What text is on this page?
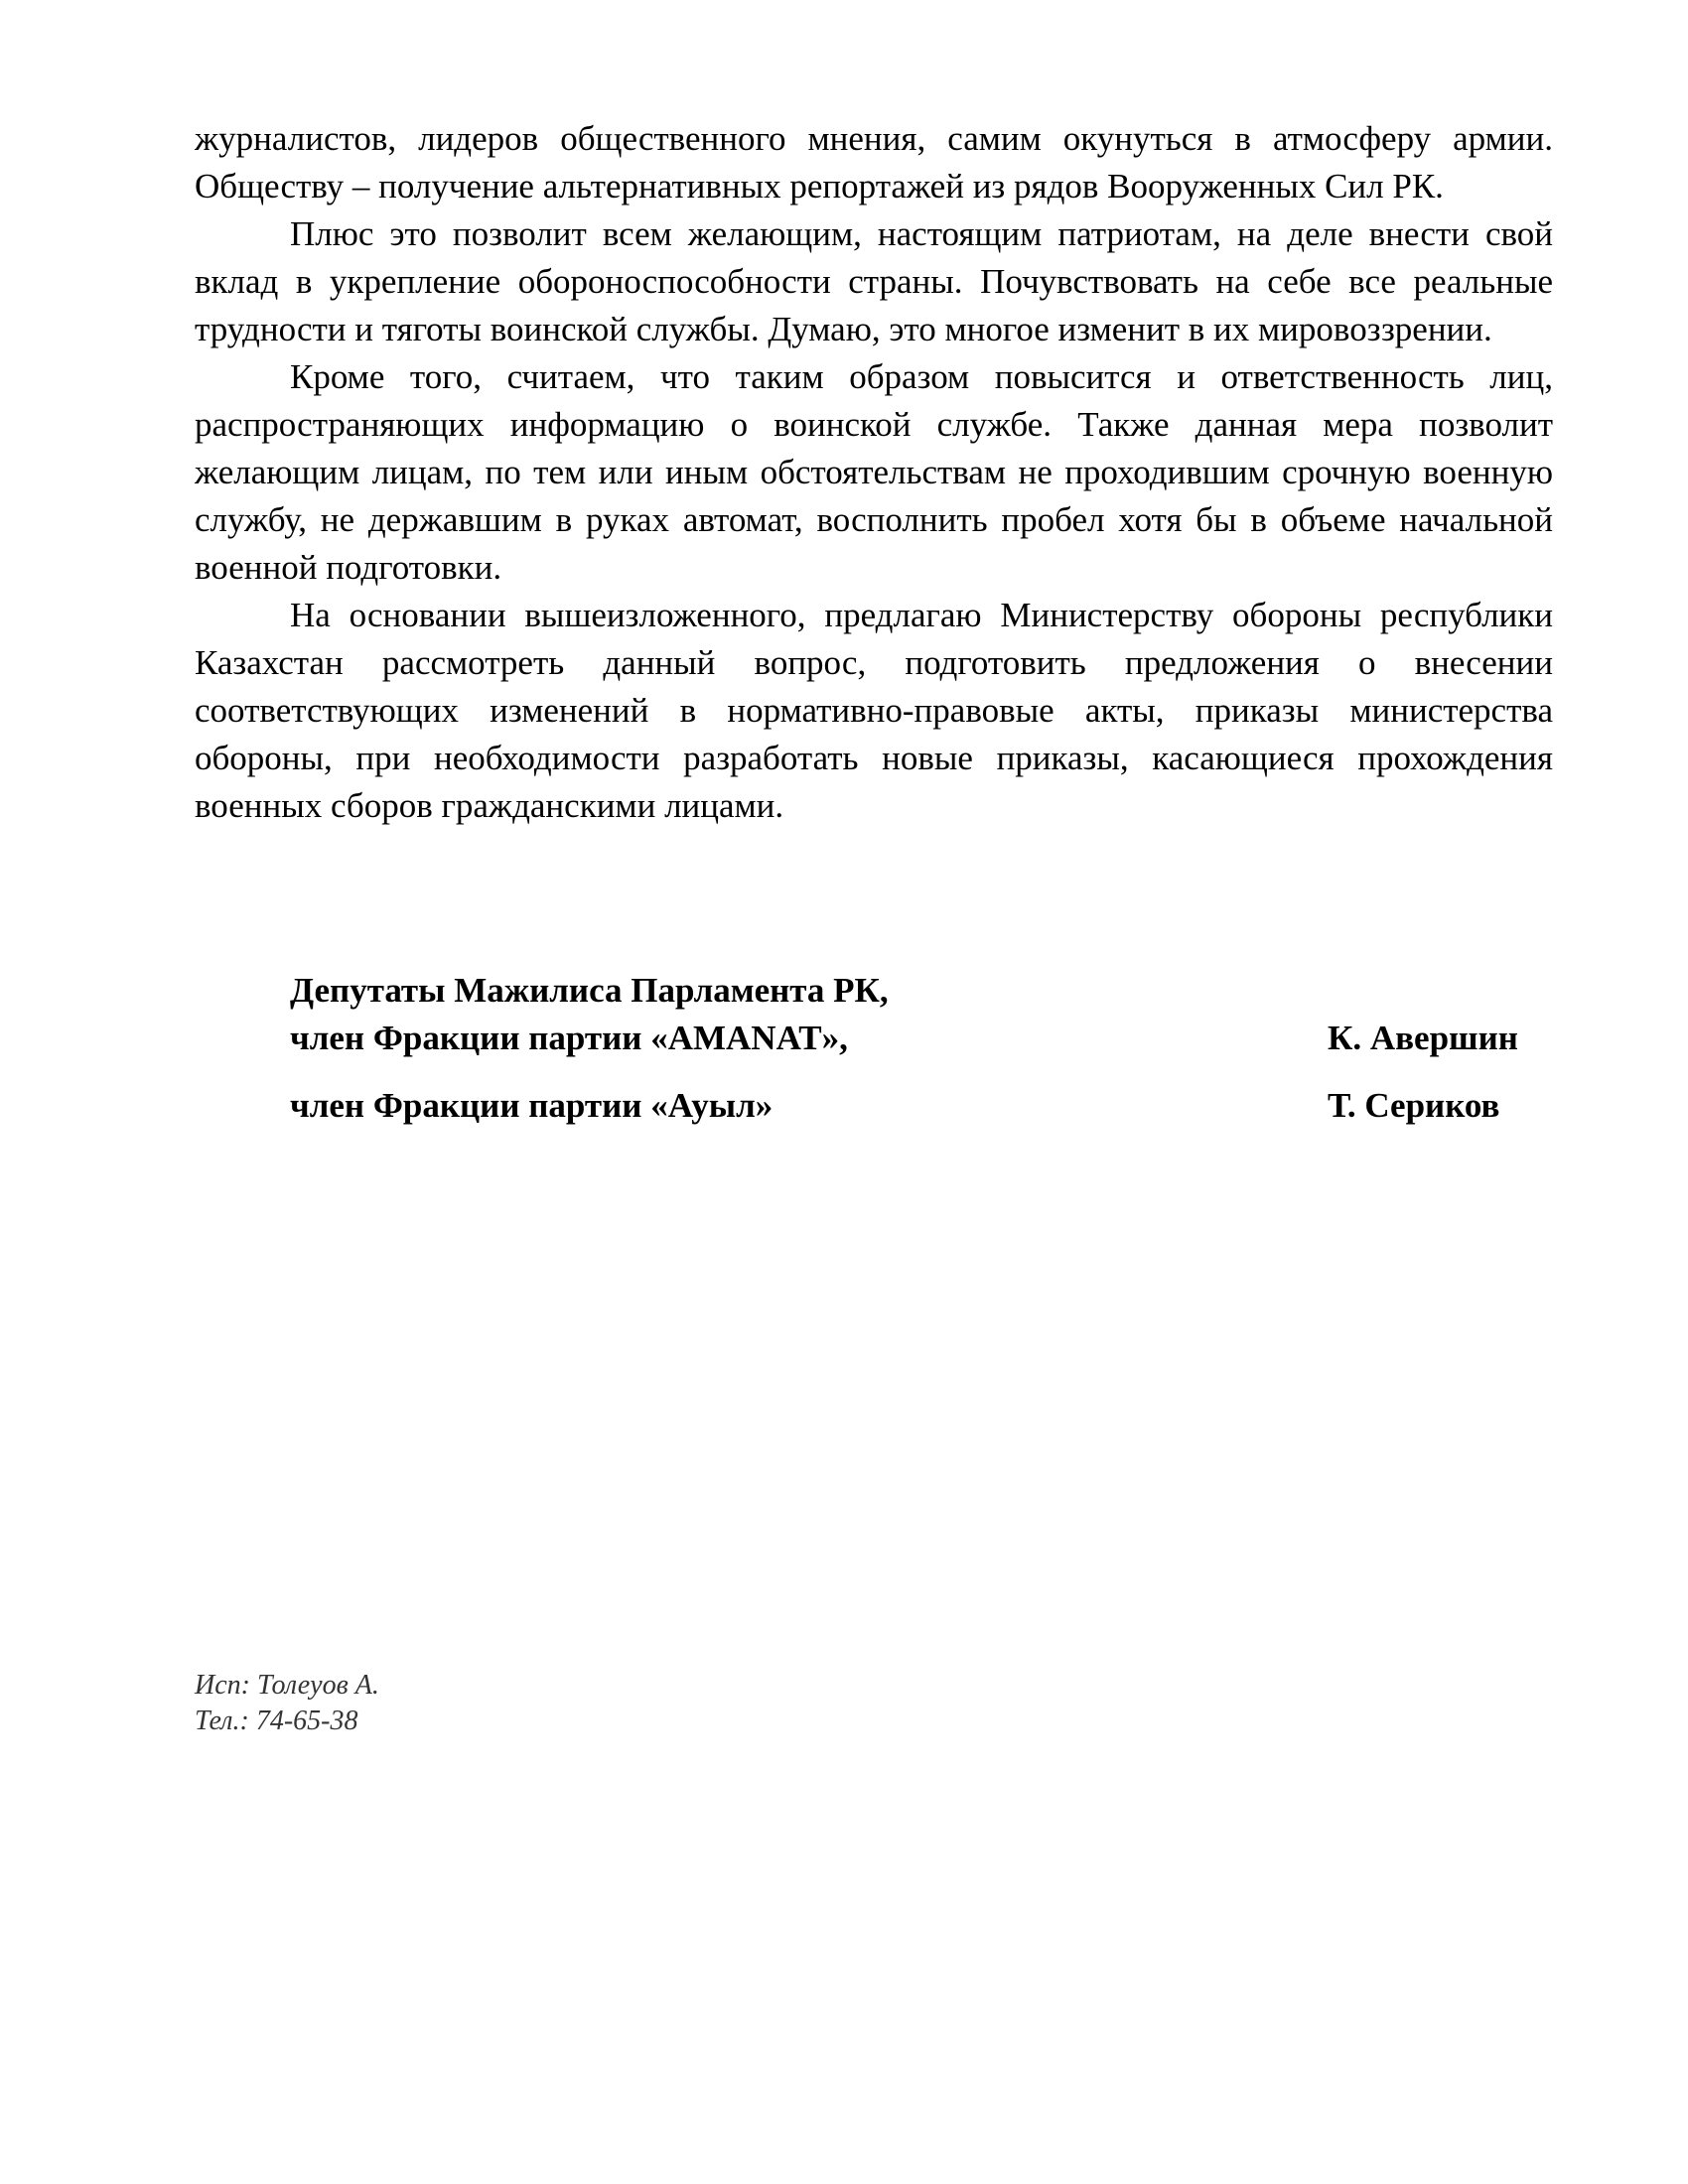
журналистов, лидеров общественного мнения, самим окунуться в атмосферу армии. Обществу – получение альтернативных репортажей из рядов Вооруженных Сил РК.

Плюс это позволит всем желающим, настоящим патриотам, на деле внести свой вклад в укрепление обороноспособности страны. Почувствовать на себе все реальные трудности и тяготы воинской службы. Думаю, это многое изменит в их мировоззрении.

Кроме того, считаем, что таким образом повысится и ответственность лиц, распространяющих информацию о воинской службе. Также данная мера позволит желающим лицам, по тем или иным обстоятельствам не проходившим срочную военную службу, не державшим в руках автомат, восполнить пробел хотя бы в объеме начальной военной подготовки.

На основании вышеизложенного, предлагаю Министерству обороны республики Казахстан рассмотреть данный вопрос, подготовить предложения о внесении соответствующих изменений в нормативно-правовые акты, приказы министерства обороны, при необходимости разработать новые приказы, касающиеся прохождения военных сборов гражданскими лицами.

Депутаты Мажилиса Парламента РК,
член Фракции партии «AMANAT»,	К. Авершин
член Фракции партии «Ауыл»	Т. Сериков
Исп: Толеуов А.
Тел.: 74-65-38
